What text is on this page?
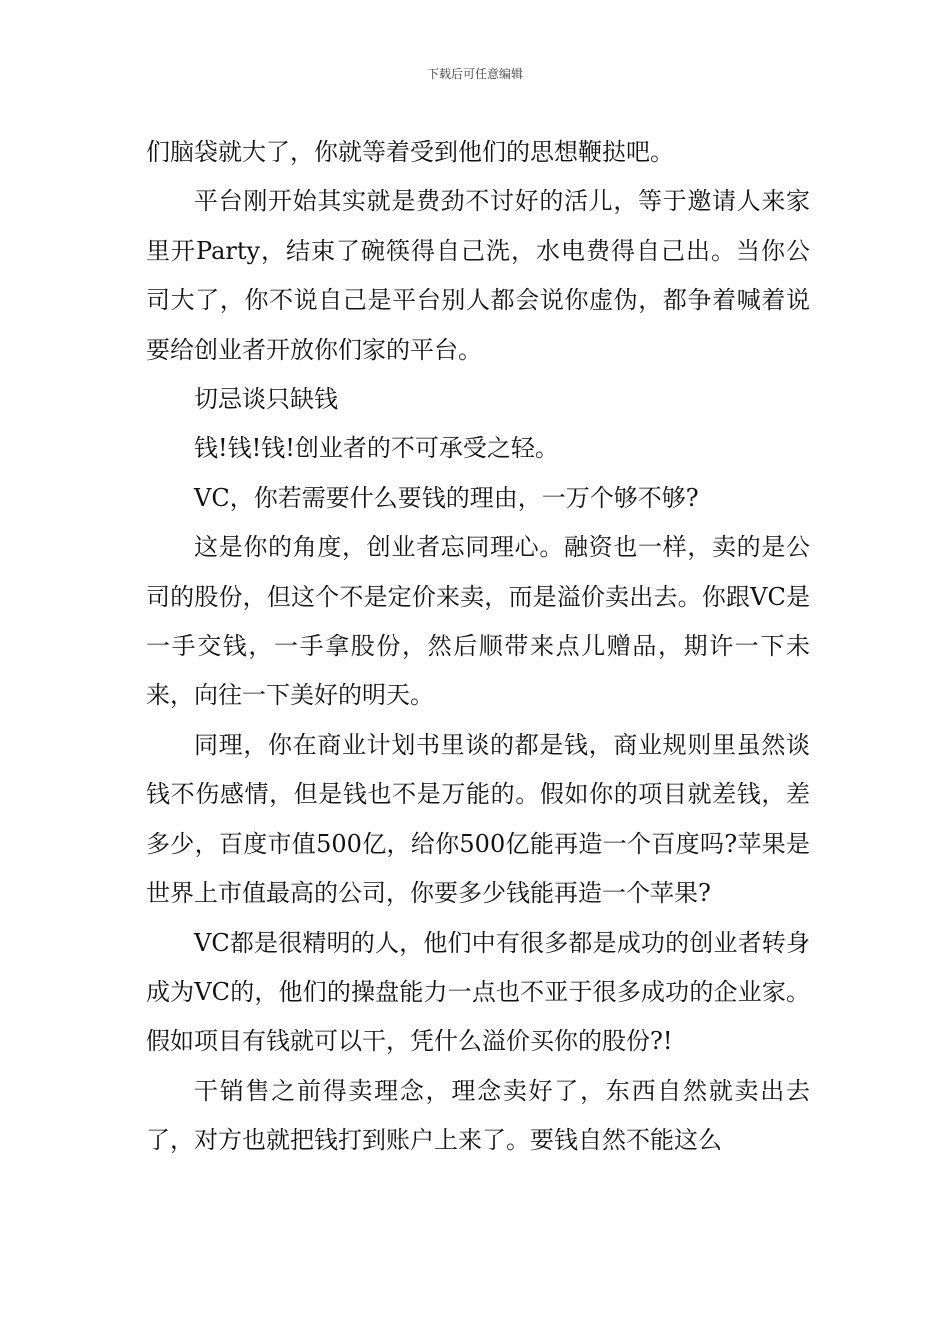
下载后可任意编辑

们脑袋就大了，你就等着受到他们的思想鞭挞吧。

平台刚开始其实就是费劲不讨好的活儿，等于邀请人来家里开Party，结束了碗筷得自己洗，水电费得自己出。当你公司大了，你不说自己是平台别人都会说你虚伪，都争着喊着说要给创业者开放你们家的平台。

切忌谈只缺钱

钱!钱!钱!创业者的不可承受之轻。

VC，你若需要什么要钱的理由，一万个够不够?

这是你的角度，创业者忘同理心。融资也一样，卖的是公司的股份，但这个不是定价来卖，而是溢价卖出去。你跟VC是一手交钱，一手拿股份，然后顺带来点儿赠品，期许一下未来，向往一下美好的明天。

同理，你在商业计划书里谈的都是钱，商业规则里虽然谈钱不伤感情，但是钱也不是万能的。假如你的项目就差钱，差多少，百度市值500亿，给你500亿能再造一个百度吗?苹果是世界上市值最高的公司，你要多少钱能再造一个苹果?

VC都是很精明的人，他们中有很多都是成功的创业者转身成为VC的，他们的操盘能力一点也不亚于很多成功的企业家。假如项目有钱就可以干，凭什么溢价买你的股份?!

干销售之前得卖理念，理念卖好了，东西自然就卖出去了，对方也就把钱打到账户上来了。要钱自然不能这么
